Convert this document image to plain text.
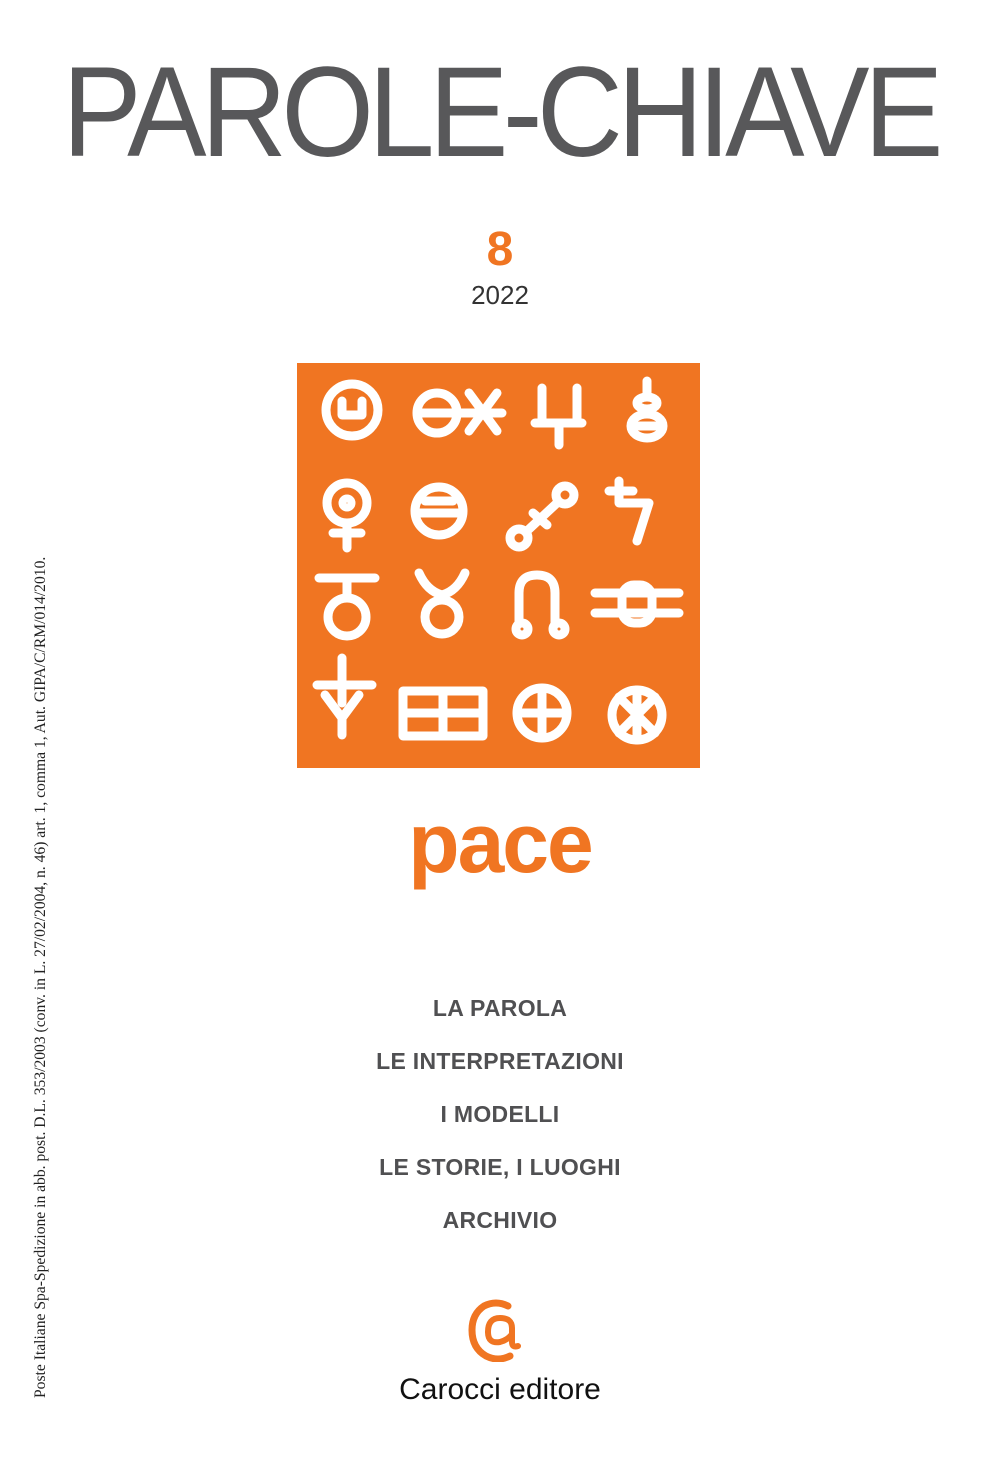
PAROLE-CHIAVE
8
2022
pace
LA PAROLA
LE INTERPRETAZIONI
I MODELLI
LE STORIE, I LUOGHI
ARCHIVIO
Poste Italiane Spa-Spedizione in abb. post. D.L. 353/2003 (conv. in L. 27/02/2004, n. 46) art. 1, comma 1, Aut. GIPA/C/RM/014/2010.	Carocci editore
